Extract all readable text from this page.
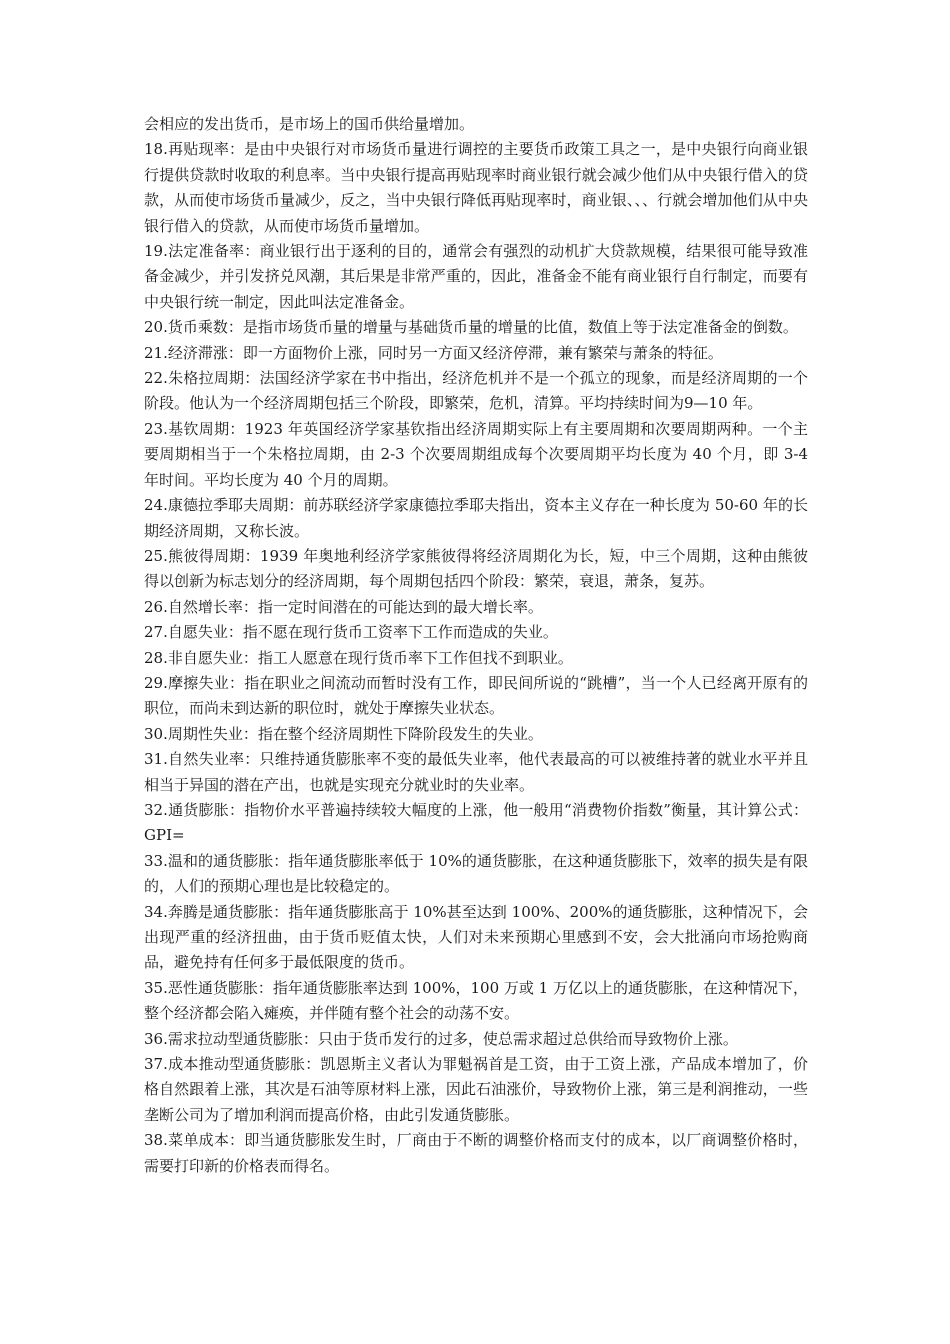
会相应的发出货币，是市场上的国币供给量增加。

18.再贴现率：是由中央银行对市场货币量进行调控的主要货币政策工具之一，是中央银行向商业银行提供贷款时收取的利息率。当中央银行提高再贴现率时商业银行就会减少他们从中央银行借入的贷款，从而使市场货币量减少，反之，当中央银行降低再贴现率时，商业银、、、行就会增加他们从中央银行借入的贷款，从而使市场货币量增加。

19.法定准备率：商业银行出于逐利的目的，通常会有强烈的动机扩大贷款规模，结果很可能导致准备金减少，并引发挤兑风潮，其后果是非常严重的，因此，准备金不能有商业银行自行制定，而要有中央银行统一制定，因此叫法定准备金。

20.货币乘数：是指市场货币量的增量与基础货币量的增量的比值，数值上等于法定准备金的倒数。

21.经济滞涨：即一方面物价上涨，同时另一方面又经济停滞，兼有繁荣与萧条的特征。

22.朱格拉周期：法国经济学家在书中指出，经济危机并不是一个孤立的现象，而是经济周期的一个阶段。他认为一个经济周期包括三个阶段，即繁荣，危机，清算。平均持续时间为9—10 年。

23.基钦周期：1923 年英国经济学家基钦指出经济周期实际上有主要周期和次要周期两种。一个主要周期相当于一个朱格拉周期，由 2-3 个次要周期组成每个次要周期平均长度为 40 个月，即 3-4 年时间。平均长度为 40 个月的周期。

24.康德拉季耶夫周期：前苏联经济学家康德拉季耶夫指出，资本主义存在一种长度为 50-60 年的长期经济周期，又称长波。

25.熊彼得周期：1939 年奥地利经济学家熊彼得将经济周期化为长，短，中三个周期，这种由熊彼得以创新为标志划分的经济周期，每个周期包括四个阶段：繁荣，衰退，萧条，复苏。

26.自然增长率：指一定时间潜在的可能达到的最大增长率。

27.自愿失业：指不愿在现行货币工资率下工作而造成的失业。

28.非自愿失业：指工人愿意在现行货币率下工作但找不到职业。

29.摩擦失业：指在职业之间流动而暂时没有工作，即民间所说的“跳槽”，当一个人已经离开原有的职位，而尚未到达新的职位时，就处于摩擦失业状态。

30.周期性失业：指在整个经济周期性下降阶段发生的失业。

31.自然失业率：只维持通货膨胀率不变的最低失业率，他代表最高的可以被维持著的就业水平并且相当于异国的潜在产出，也就是实现充分就业时的失业率。

32.通货膨胀：指物价水平普遍持续较大幅度的上涨，他一般用“消费物价指数”衡量，其计算公式：GPI=

33.温和的通货膨胀：指年通货膨胀率低于 10%的通货膨胀，在这种通货膨胀下，效率的损失是有限的，人们的预期心理也是比较稳定的。

34.奔腾是通货膨胀：指年通货膨胀高于 10%甚至达到 100%、200%的通货膨胀，这种情况下，会出现严重的经济扭曲，由于货币贬值太快，人们对未来预期心里感到不安，会大批涌向市场抢购商品，避免持有任何多于最低限度的货币。

35.恶性通货膨胀：指年通货膨胀率达到 100%，100 万或 1 万亿以上的通货膨胀，在这种情况下，整个经济都会陷入瘫痪，并伴随有整个社会的动荡不安。

36.需求拉动型通货膨胀：只由于货币发行的过多，使总需求超过总供给而导致物价上涨。

37.成本推动型通货膨胀：凯恩斯主义者认为罪魁祸首是工资，由于工资上涨，产品成本增加了，价格自然跟着上涨，其次是石油等原材料上涨，因此石油涨价，导致物价上涨，第三是利润推动，一些垄断公司为了增加利润而提高价格，由此引发通货膨胀。

38.菜单成本：即当通货膨胀发生时，厂商由于不断的调整价格而支付的成本，以厂商调整价格时，需要打印新的价格表而得名。
